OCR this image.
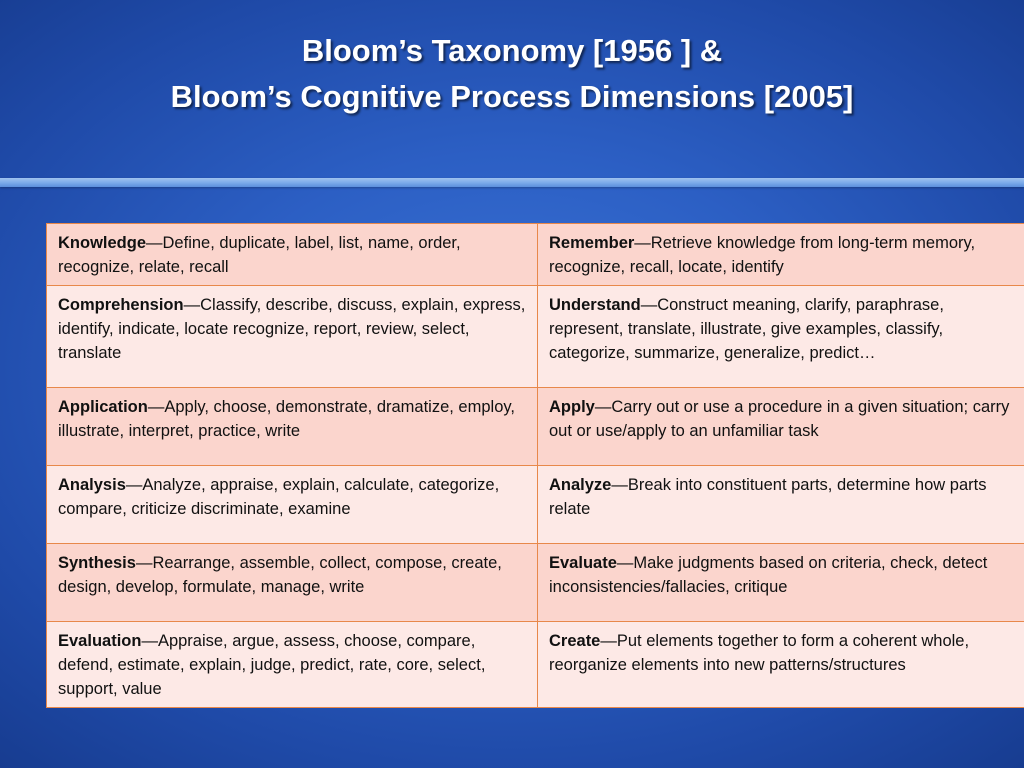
Bloom’s Taxonomy [1956 ] &
Bloom’s Cognitive Process Dimensions [2005]
Knowledge—Define, duplicate, label, list, name, order, recognize, relate, recall	Remember—Retrieve knowledge from long-term memory, recognize, recall, locate, identify
Comprehension—Classify, describe, discuss, explain, express, identify, indicate, locate recognize, report, review, select, translate	Understand—Construct meaning, clarify, paraphrase, represent, translate, illustrate, give examples, classify, categorize, summarize, generalize, predict…
Application—Apply, choose, demonstrate, dramatize, employ, illustrate, interpret, practice, write	Apply—Carry out or use a procedure in a given situation; carry out or use/apply to an unfamiliar task
Analysis—Analyze, appraise, explain, calculate, categorize, compare, criticize discriminate, examine	Analyze—Break into constituent parts, determine how parts relate
Synthesis—Rearrange, assemble, collect, compose, create, design, develop, formulate, manage, write	Evaluate—Make judgments based on criteria, check, detect inconsistencies/fallacies, critique
Evaluation—Appraise, argue, assess, choose, compare, defend, estimate, explain, judge, predict, rate, core, select, support, value	Create—Put elements together to form a coherent whole, reorganize elements into new patterns/structures
